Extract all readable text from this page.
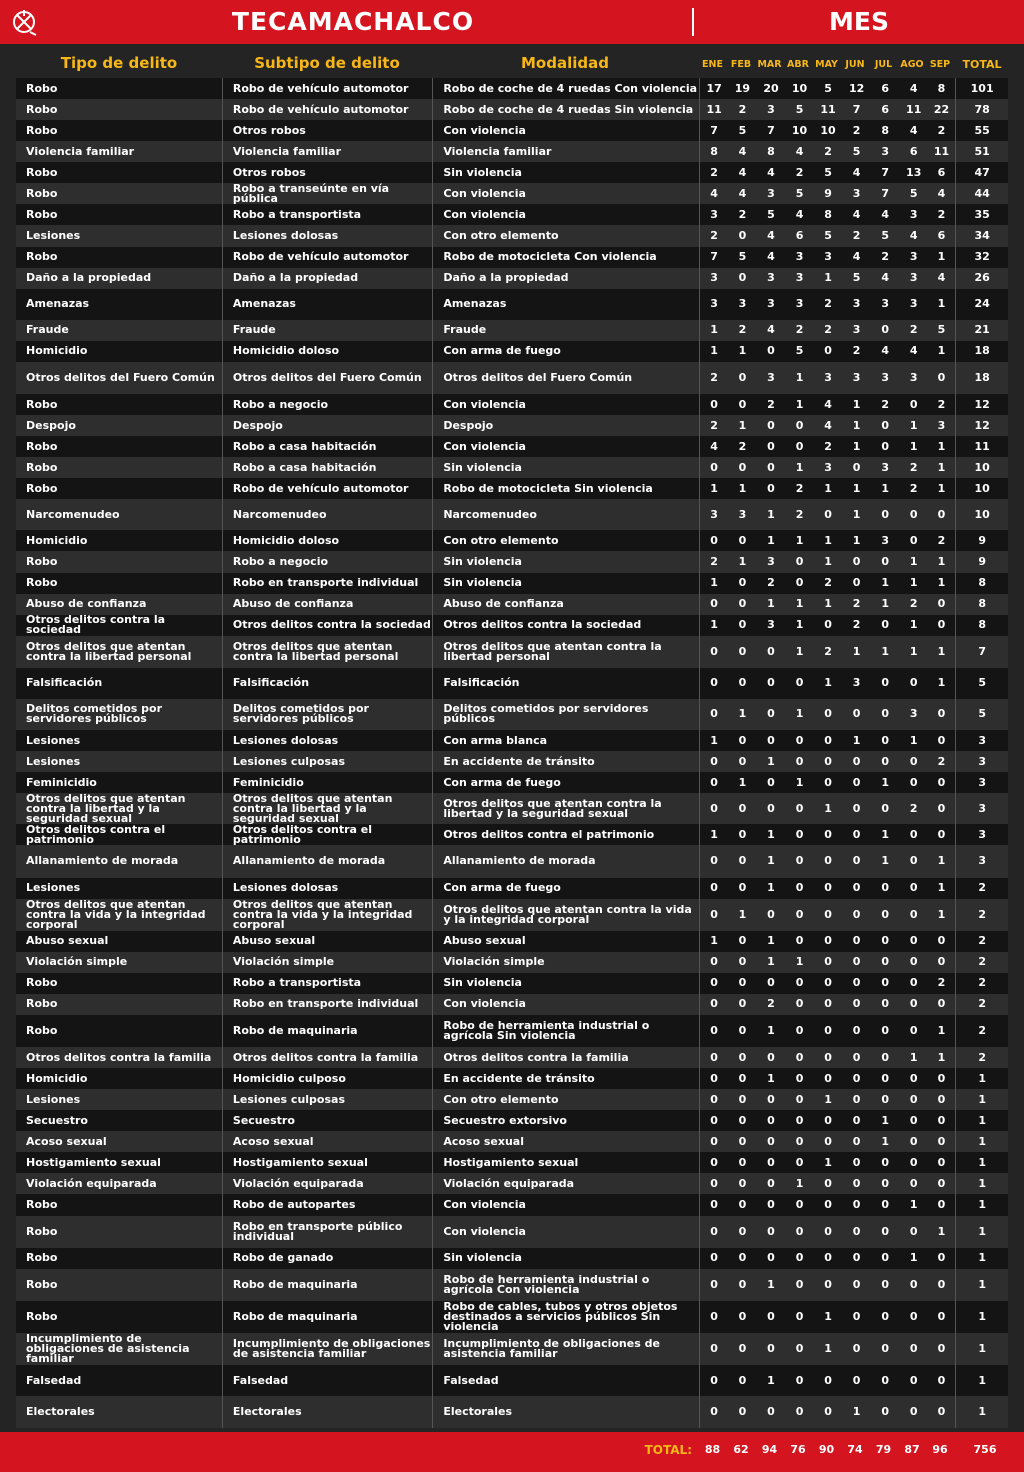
TECAMACHALCO	MES
Tipo de delito	Subtipo de delito	Modalidad	ENE FEB MAR ABR MAY JUN	JUL AGO SEP	TOTAL
Robo	Robo de vehículo automotor	Robo de coche de 4 ruedas Con violencia	17	19	20	10	5	12	6	4	8	101
Robo	Robo de vehículo automotor	Robo de coche de 4 ruedas Sin violencia	11	2	3	5	11	7	6	11	22	78
Robo	Otros robos	Con violencia	7	5	7	10	10	2	8	4	2	55
Violencia familiar	Violencia familiar	Violencia familiar	8	4	8	4	2	5	3	6	11	51
Robo	Otros robos	Sin violencia	2	4	4	2	5	4	7	13	6	47
Robo	Robo a transeúnte en vía pública	Con violencia	4	4	3	5	9	3	7	5	4	44
Robo	Robo a transportista	Con violencia	3	2	5	4	8	4	4	3	2	35
Lesiones	Lesiones dolosas	Con otro elemento	2	0	4	6	5	2	5	4	6	34
Robo	Robo de vehículo automotor	Robo de motocicleta Con violencia	7	5	4	3	3	4	2	3	1	32
Daño a la propiedad	Daño a la propiedad	Daño a la propiedad	3	0	3	3	1	5	4	3	4	26
Amenazas	Amenazas	Amenazas	3	3	3	3	2	3	3	3	1	24
Fraude	Fraude	Fraude	1	2	4	2	2	3	0	2	5	21
Homicidio	Homicidio doloso	Con arma de fuego	1	1	0	5	0	2	4	4	1	18
Otros delitos del Fuero Común	Otros delitos del Fuero Común	Otros delitos del Fuero Común	2	0	3	1	3	3	3	3	0	18
Robo	Robo a negocio	Con violencia	0	0	2	1	4	1	2	0	2	12
Despojo	Despojo	Despojo	2	1	0	0	4	1	0	1	3	12
Robo	Robo a casa habitación	Con violencia	4	2	0	0	2	1	0	1	1	11
Robo	Robo a casa habitación	Sin violencia	0	0	0	1	3	0	3	2	1	10
Robo	Robo de vehículo automotor	Robo de motocicleta Sin violencia	1	1	0	2	1	1	1	2	1	10
Narcomenudeo	Narcomenudeo	Narcomenudeo	3	3	1	2	0	1	0	0	0	10
Homicidio	Homicidio doloso	Con otro elemento	0	0	1	1	1	1	3	0	2	9
Robo	Robo a negocio	Sin violencia	2	1	3	0	1	0	0	1	1	9
Robo	Robo en transporte individual	Sin violencia	1	0	2	0	2	0	1	1	1	8
Abuso de confianza	Abuso de confianza	Abuso de confianza	0	0	1	1	1	2	1	2	0	8
Otros delitos contra la sociedad	Otros delitos contra la sociedad	Otros delitos contra la sociedad	1	0	3	1	0	2	0	1	0	8
Otros delitos que atentan contra la libertad personal	Otros delitos que atentan contra la libertad personal	Otros delitos que atentan contra la libertad personal	0	0	0	1	2	1	1	1	1	7
Falsificación	Falsificación	Falsificación	0	0	0	0	1	3	0	0	1	5
Delitos cometidos por servidores públicos	Delitos cometidos por servidores públicos	Delitos cometidos por servidores públicos	0	1	0	1	0	0	0	3	0	5
Lesiones	Lesiones dolosas	Con arma blanca	1	0	0	0	0	1	0	1	0	3
Lesiones	Lesiones culposas	En accidente de tránsito	0	0	1	0	0	0	0	0	2	3
Feminicidio	Feminicidio	Con arma de fuego	0	1	0	1	0	0	1	0	0	3
Otros delitos que atentan contra la libertad y la seguridad sexual	Otros delitos que atentan contra la libertad y la seguridad sexual	Otros delitos que atentan contra la libertad y la seguridad sexual	0	0	0	0	1	0	0	2	0	3
Otros delitos contra el patrimonio	Otros delitos contra el patrimonio	Otros delitos contra el patrimonio	1	0	1	0	0	0	1	0	0	3
Allanamiento de morada	Allanamiento de morada	Allanamiento de morada	0	0	1	0	0	0	1	0	1	3
Lesiones	Lesiones dolosas	Con arma de fuego	0	0	1	0	0	0	0	0	1	2
Otros delitos que atentan contra la vida y la integridad corporal	Otros delitos que atentan contra la vida y la integridad corporal	Otros delitos que atentan contra la vida y la integridad corporal	0	1	0	0	0	0	0	0	1	2
Abuso sexual	Abuso sexual	Abuso sexual	1	0	1	0	0	0	0	0	0	2
Violación simple	Violación simple	Violación simple	0	0	1	1	0	0	0	0	0	2
Robo	Robo a transportista	Sin violencia	0	0	0	0	0	0	0	0	2	2
Robo	Robo en transporte individual	Con violencia	0	0	2	0	0	0	0	0	0	2
Robo	Robo de maquinaria	Robo de herramienta industrial o agrícola Sin violencia	0	0	1	0	0	0	0	0	1	2
Otros delitos contra la familia	Otros delitos contra la familia	Otros delitos contra la familia	0	0	0	0	0	0	0	1	1	2
Homicidio	Homicidio culposo	En accidente de tránsito	0	0	1	0	0	0	0	0	0	1
Lesiones	Lesiones culposas	Con otro elemento	0	0	0	0	1	0	0	0	0	1
Secuestro	Secuestro	Secuestro extorsivo	0	0	0	0	0	0	1	0	0	1
Acoso sexual	Acoso sexual	Acoso sexual	0	0	0	0	0	0	1	0	0	1
Hostigamiento sexual	Hostigamiento sexual	Hostigamiento sexual	0	0	0	0	1	0	0	0	0	1
Violación equiparada	Violación equiparada	Violación equiparada	0	0	0	1	0	0	0	0	0	1
Robo	Robo de autopartes	Con violencia	0	0	0	0	0	0	0	1	0	1
Robo	Robo en transporte público individual	Con violencia	0	0	0	0	0	0	0	0	1	1
Robo	Robo de ganado	Sin violencia	0	0	0	0	0	0	0	1	0	1
Robo	Robo de maquinaria	Robo de herramienta industrial o agrícola Con violencia	0	0	1	0	0	0	0	0	0	1
Robo	Robo de maquinaria	Robo de cables, tubos y otros objetos destinados a servicios públicos Sin violencia	0	0	0	0	1	0	0	0	0	1
Incumplimiento de obligaciones de asistencia familiar	Incumplimiento de obligaciones de asistencia familiar	Incumplimiento de obligaciones de asistencia familiar	0	0	0	0	1	0	0	0	0	1
Falsedad	Falsedad	Falsedad	0	0	1	0	0	0	0	0	0	1
Electorales	Electorales	Electorales	0	0	0	0	0	1	0	0	0	1
TOTAL:	88	62	94	76	90	74	79	87	96	756
